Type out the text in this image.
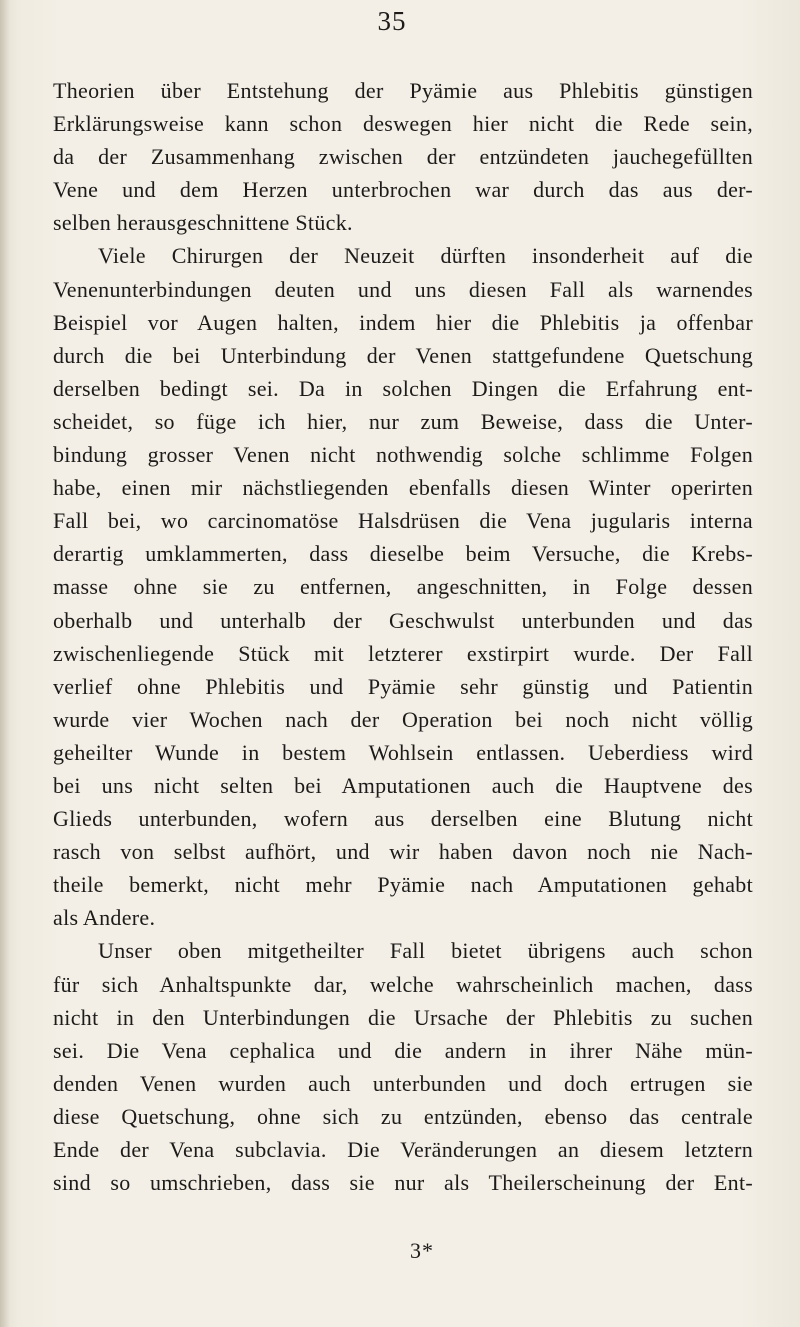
35

Theorien über Entstehung der Pyämie aus Phlebitis günstigen
Erklärungsweise kann schon deswegen hier nicht die Rede sein,
da der Zusammenhang zwischen der entzündeten jauchegefüllten
Vene und dem Herzen unterbrochen war durch das aus der-
selben herausgeschnittene Stück.

Viele Chirurgen der Neuzeit dürften insonderheit auf die
Venenunterbindungen deuten und uns diesen Fall als warnendes
Beispiel vor Augen halten, indem hier die Phlebitis ja offenbar
durch die bei Unterbindung der Venen stattgefundene Quetschung
derselben bedingt sei. Da in solchen Dingen die Erfahrung ent-
scheidet, so füge ich hier, nur zum Beweise, dass die Unter-
bindung grosser Venen nicht nothwendig solche schlimme Folgen
habe, einen mir nächstliegenden ebenfalls diesen Winter operirten
Fall bei, wo carcinomatöse Halsdrüsen die Vena jugularis interna
derartig umklammerten, dass dieselbe beim Versuche, die Krebs-
masse ohne sie zu entfernen, angeschnitten, in Folge dessen
oberhalb und unterhalb der Geschwulst unterbunden und das
zwischenliegende Stück mit letzterer exstirpirt wurde. Der Fall
verlief ohne Phlebitis und Pyämie sehr günstig und Patientin
wurde vier Wochen nach der Operation bei noch nicht völlig
geheilter Wunde in bestem Wohlsein entlassen. Ueberdiess wird
bei uns nicht selten bei Amputationen auch die Hauptvene des
Glieds unterbunden, wofern aus derselben eine Blutung nicht
rasch von selbst aufhört, und wir haben davon noch nie Nach-
theile bemerkt, nicht mehr Pyämie nach Amputationen gehabt
als Andere.

Unser oben mitgetheilter Fall bietet übrigens auch schon
für sich Anhaltspunkte dar, welche wahrscheinlich machen, dass
nicht in den Unterbindungen die Ursache der Phlebitis zu suchen
sei. Die Vena cephalica und die andern in ihrer Nähe mün-
denden Venen wurden auch unterbunden und doch ertrugen sie
diese Quetschung, ohne sich zu entzünden, ebenso das centrale
Ende der Vena subclavia. Die Veränderungen an diesem letztern
sind so umschrieben, dass sie nur als Theilerscheinung der Ent-

3*
